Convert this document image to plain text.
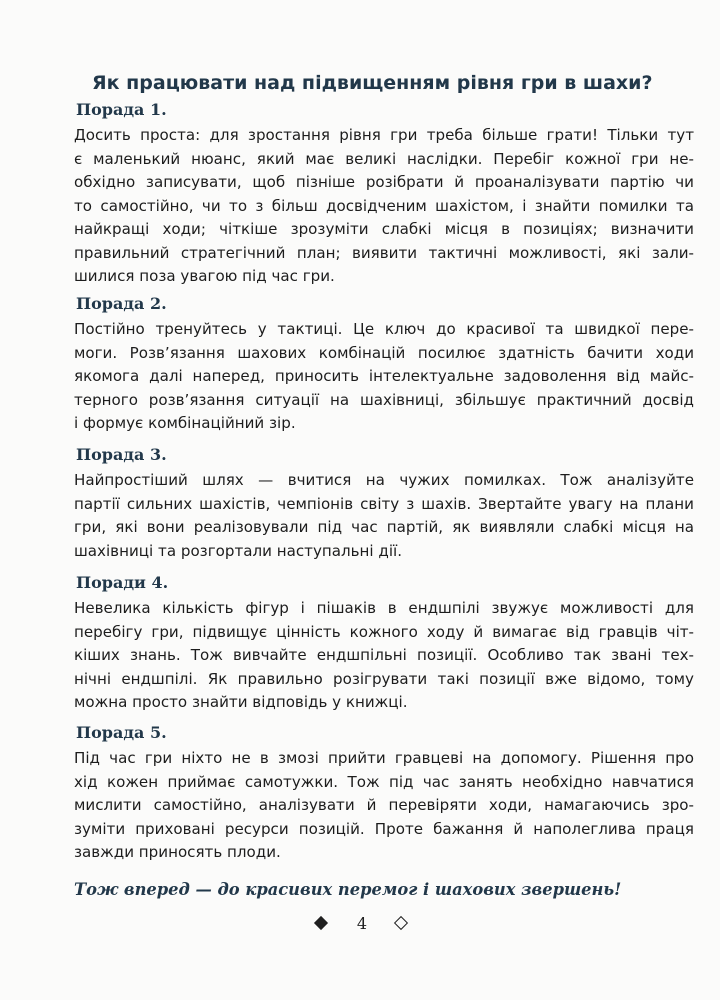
Як працювати над підвищенням рівня гри в шахи?
Порада 1.

Досить проста: для зростання рівня гри треба більше грати! Тільки тут
є маленький нюанс, який має великі наслідки. Перебіг кожної гри не-
обхідно записувати, щоб пізніше розібрати й проаналізувати партію чи
то самостійно, чи то з більш досвідченим шахістом, і знайти помилки та
найкращі ходи; чіткіше зрозуміти слабкі місця в позиціях; визначити
правильний стратегічний план; виявити тактичні можливості, які зали-
шилися поза увагою під час гри.

Порада 2.

Постійно тренуйтесь у тактиці. Це ключ до красивої та швидкої пере-
моги. Розв’язання шахових комбінацій посилює здатність бачити ходи
якомога далі наперед, приносить інтелектуальне задоволення від майс-
терного розв’язання ситуації на шахівниці, збільшує практичний досвід
і формує комбінаційний зір.

Порада 3.

Найпростіший шлях — вчитися на чужих помилках. Тож аналізуйте
партії сильних шахістів, чемпіонів світу з шахів. Звертайте увагу на плани
гри, які вони реалізовували під час партій, як виявляли слабкі місця на
шахівниці та розгортали наступальні дії.

Поради 4.

Невелика кількість фігур і пішаків в ендшпілі звужує можливості для
перебігу гри, підвищує цінність кожного ходу й вимагає від гравців чіт-
кіших знань. Тож вивчайте ендшпільні позиції. Особливо так звані тех-
нічні ендшпілі. Як правильно розігрувати такі позиції вже відомо, тому
можна просто знайти відповідь у книжці.

Порада 5.

Під час гри ніхто не в змозі прийти гравцеві на допомогу. Рішення про
хід кожен приймає самотужки. Тож під час занять необхідно навчатися
мислити самостійно, аналізувати й перевіряти ходи, намагаючись зро-
зуміти приховані ресурси позицій. Проте бажання й наполеглива праця
завжди приносять плоди.

Тож вперед — до красивих перемог і шахових звершень!

4
